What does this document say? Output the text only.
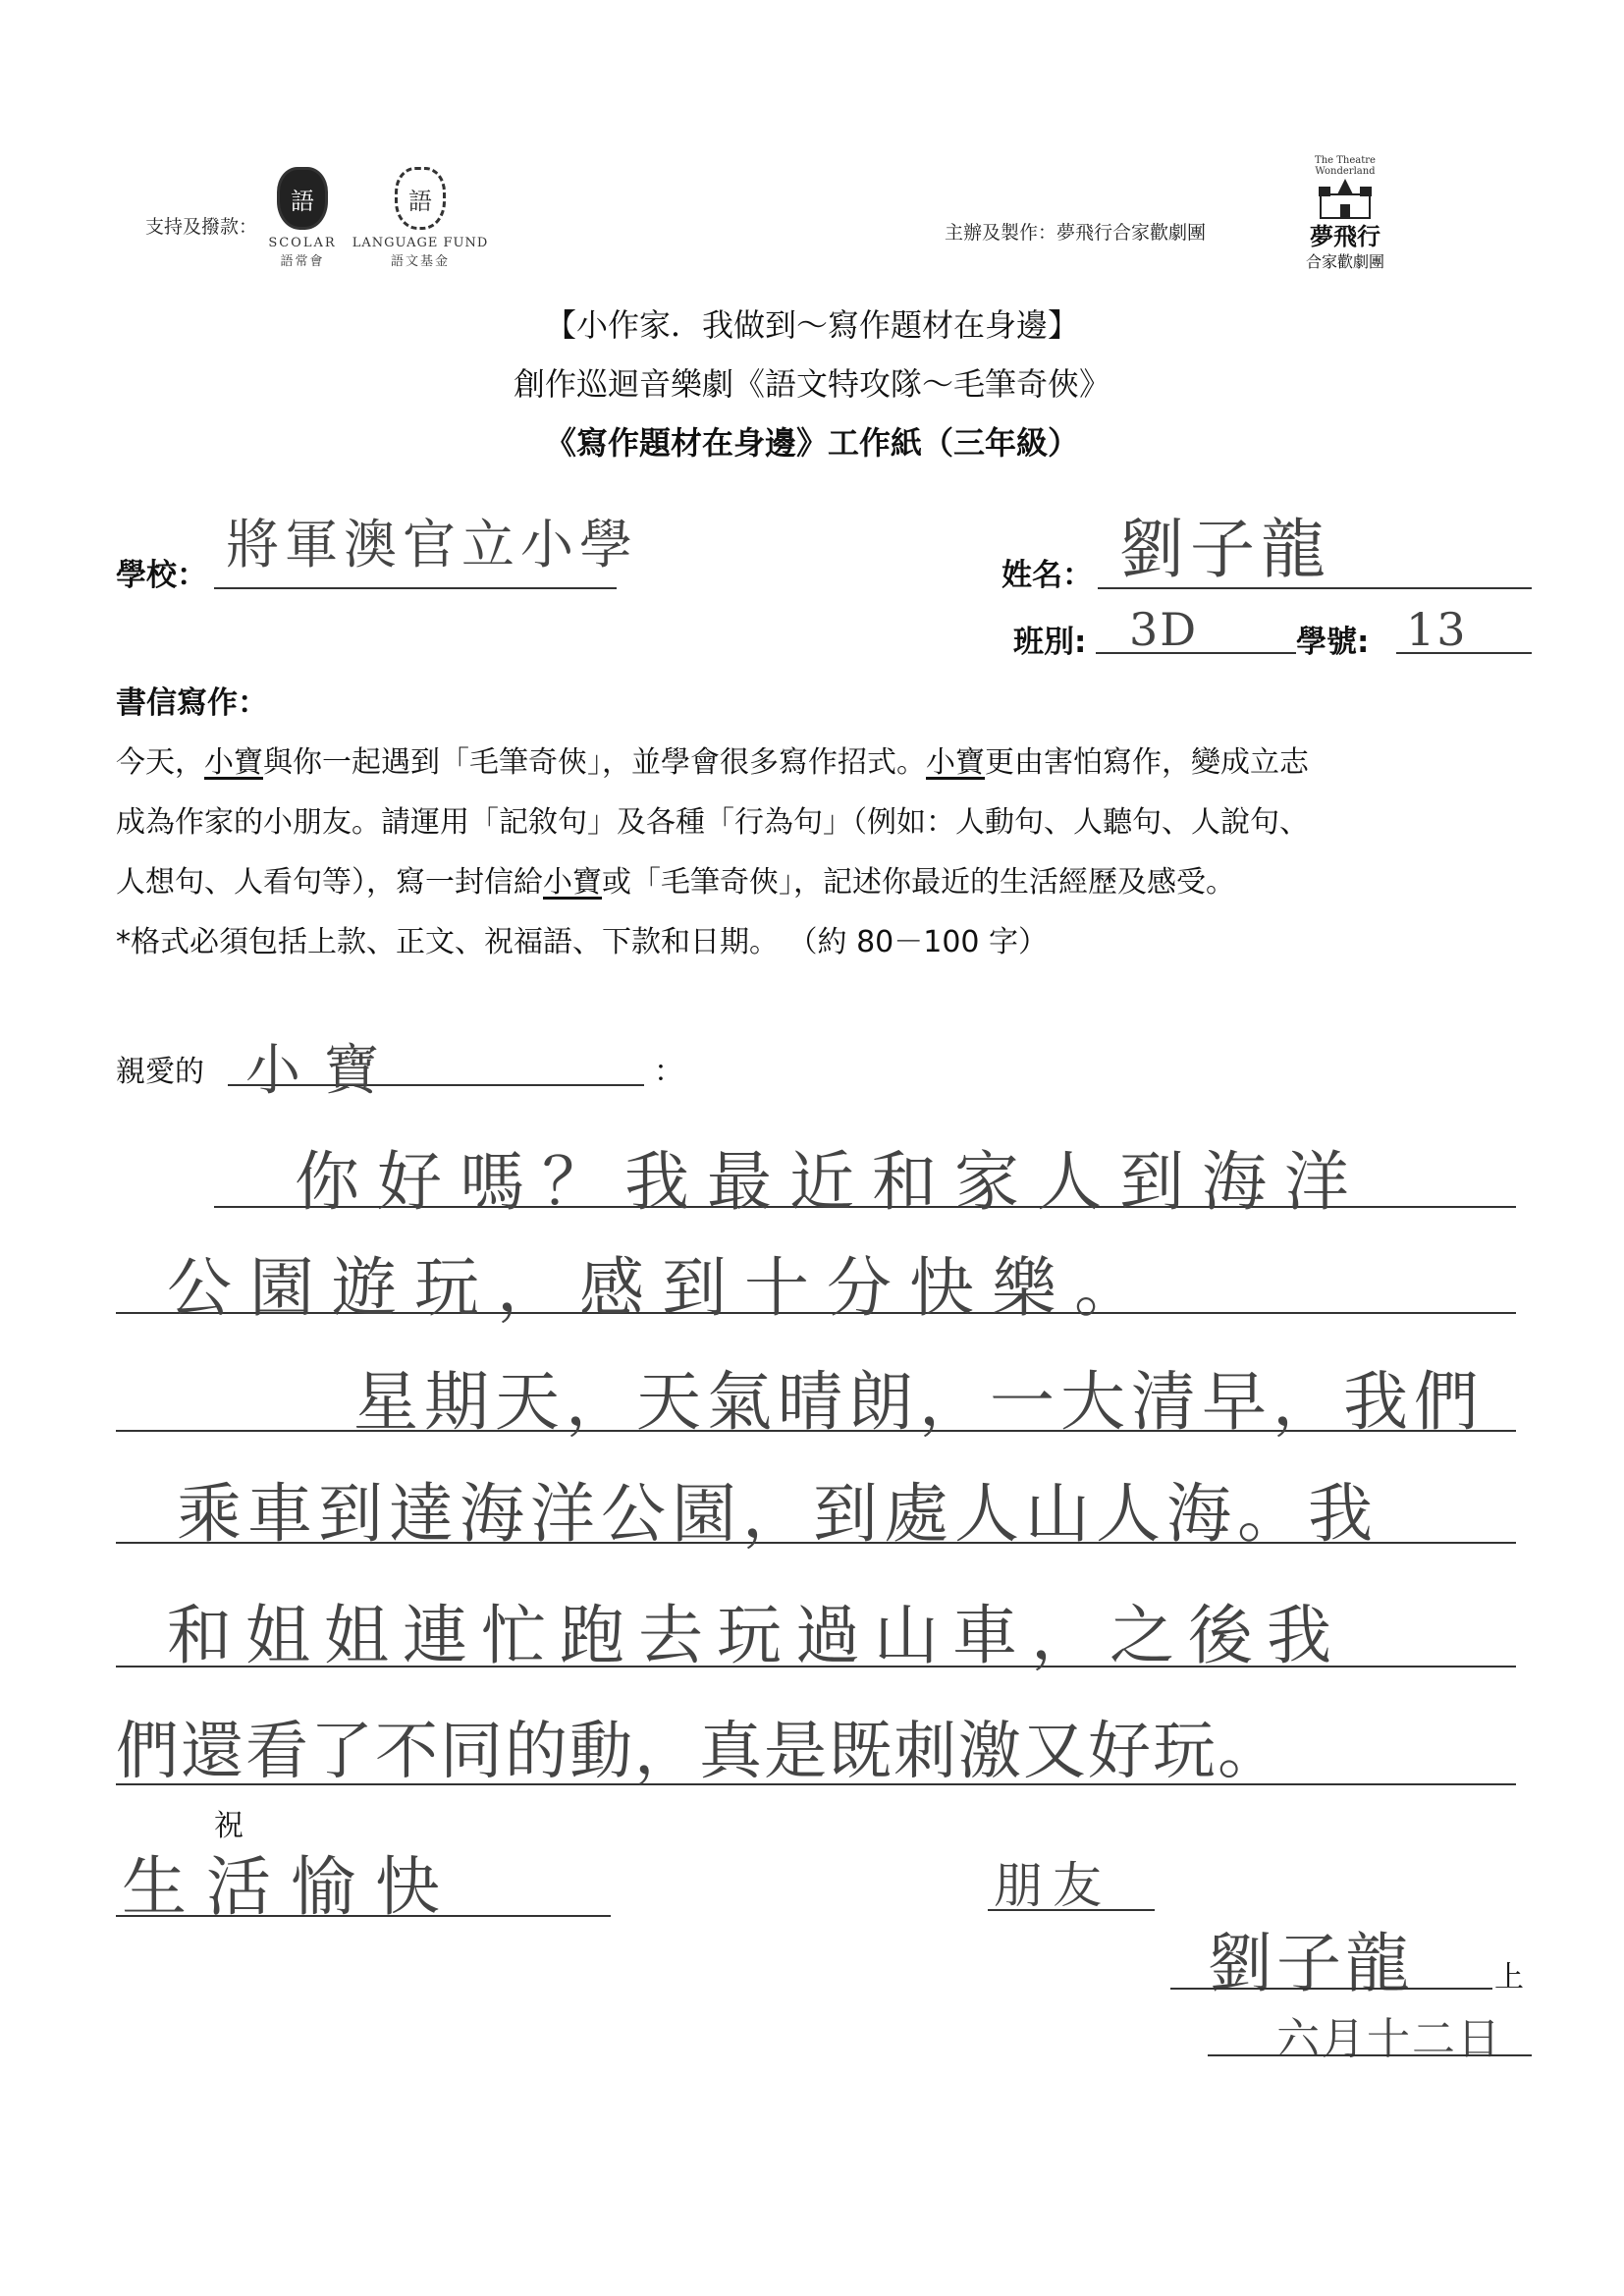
支持及撥款：
語
SCOLAR
語常會
語
LANGUAGE FUND
語文基金
主辦及製作：夢飛行合家歡劇團
The Theatre Wonderland
夢飛行
合家歡劇團
【小作家．我做到～寫作題材在身邊】
創作巡迴音樂劇《語文特攻隊～毛筆奇俠》
《寫作題材在身邊》工作紙（三年級）
學校： 將軍澳官立小學	姓名： 劉子龍
班別: 3D	學號: 13
書信寫作：
今天，小寶與你一起遇到「毛筆奇俠」，並學會很多寫作招式。小寶更由害怕寫作，變成立志
成為作家的小朋友。請運用「記敘句」及各種「行為句」（例如：人動句、人聽句、人說句、
人想句、人看句等），寫一封信給小寶或「毛筆奇俠」，記述你最近的生活經歷及感受。
*格式必須包括上款、正文、祝福語、下款和日期。 （約 80－100 字）
親愛的 小寶	：
你好嗎？我最近和家人到海洋
公園遊玩，感到十分快樂。
星期天，天氣晴朗，一大清早，我們
乘車到達海洋公園，到處人山人海。我
和姐姐連忙跑去玩過山車，之後我
們還看了不同的動，真是既刺激又好玩。
祝
生活愉快	朋友
劉子龍	上
六月十二日
